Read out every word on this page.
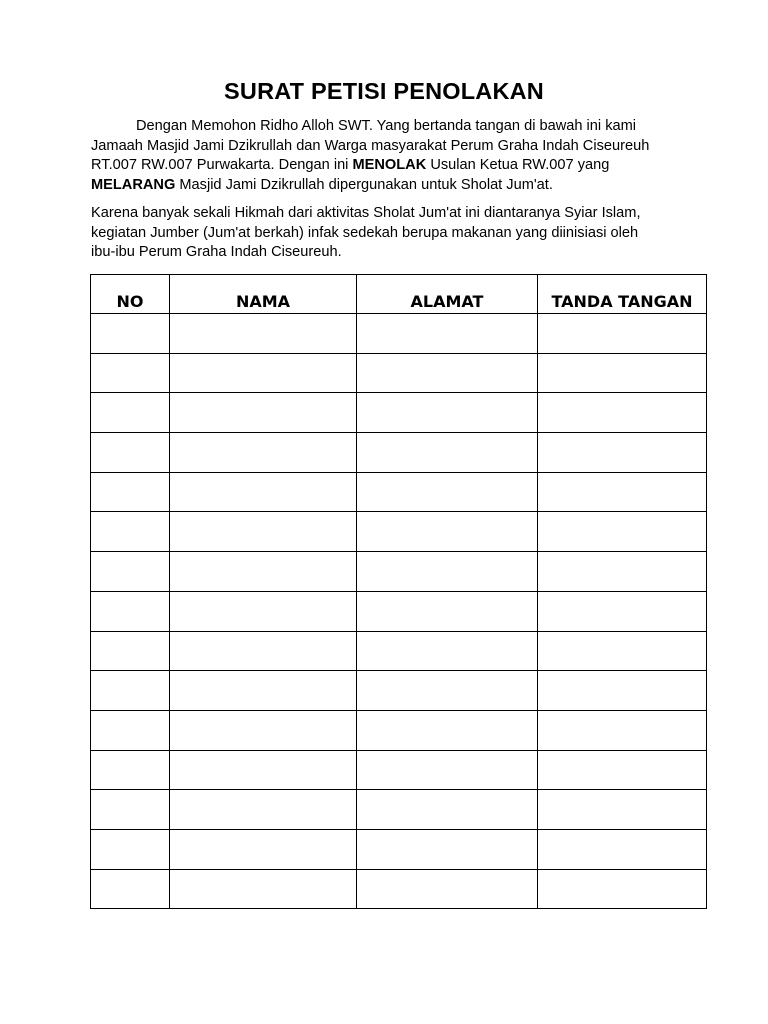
SURAT PETISI PENOLAKAN
Dengan Memohon Ridho Alloh SWT. Yang bertanda tangan di bawah ini kami
Jamaah Masjid Jami Dzikrullah dan Warga masyarakat Perum Graha Indah Ciseureuh
RT.007 RW.007 Purwakarta. Dengan ini MENOLAK Usulan Ketua RW.007 yang
MELARANG Masjid Jami Dzikrullah dipergunakan untuk Sholat Jum'at.
Karena banyak sekali Hikmah dari aktivitas Sholat Jum'at ini diantaranya Syiar Islam,
kegiatan Jumber (Jum'at berkah) infak sedekah berupa makanan yang diinisiasi oleh
ibu-ibu Perum Graha Indah Ciseureuh.
NO	NAMA	ALAMAT	TANDA TANGAN
